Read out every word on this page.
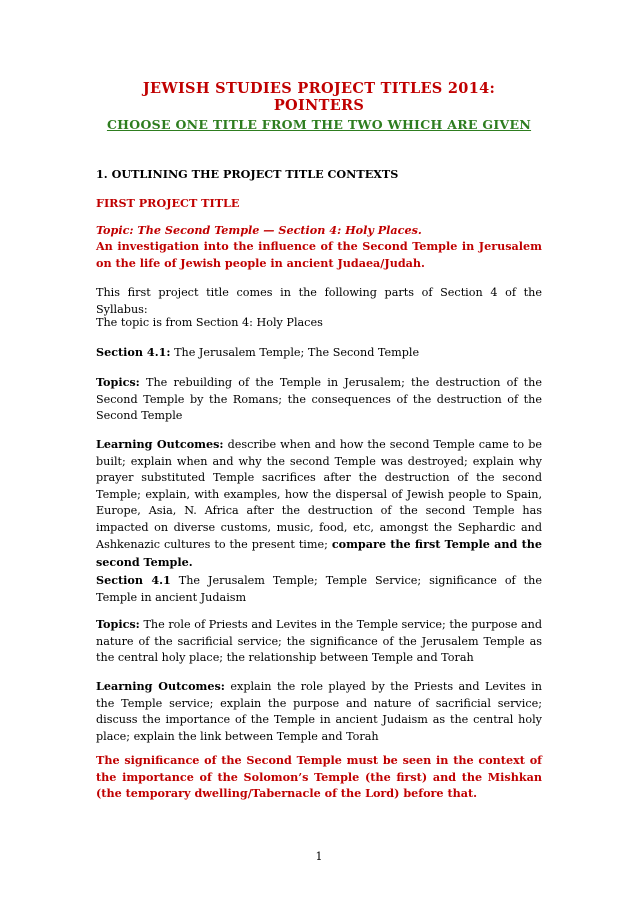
JEWISH STUDIES PROJECT TITLES 2014: POINTERS
CHOOSE ONE TITLE FROM THE TWO WHICH ARE GIVEN
1. OUTLINING THE PROJECT TITLE CONTEXTS
FIRST PROJECT TITLE
Topic: The Second Temple — Section 4: Holy Places.
An investigation into the influence of the Second Temple in Jerusalem on the life of Jewish people in ancient Judaea/Judah.
This first project title comes in the following parts of Section 4 of the Syllabus:
The topic is from Section 4: Holy Places
Section 4.1: The Jerusalem Temple; The Second Temple
Topics: The rebuilding of the Temple in Jerusalem; the destruction of the Second Temple by the Romans; the consequences of the destruction of the Second Temple
Learning Outcomes: describe when and how the second Temple came to be built; explain when and why the second Temple was destroyed; explain why prayer substituted Temple sacrifices after the destruction of the second Temple; explain, with examples, how the dispersal of Jewish people to Spain, Europe, Asia, N. Africa after the destruction of the second Temple has impacted on diverse customs, music, food, etc, amongst the Sephardic and Ashkenazic cultures to the present time; compare the first Temple and the second Temple.
Section 4.1 The Jerusalem Temple; Temple Service; significance of the Temple in ancient Judaism
Topics: The role of Priests and Levites in the Temple service; the purpose and nature of the sacrificial service; the significance of the Jerusalem Temple as the central holy place; the relationship between Temple and Torah
Learning Outcomes: explain the role played by the Priests and Levites in the Temple service; explain the purpose and nature of sacrificial service; discuss the importance of the Temple in ancient Judaism as the central holy place; explain the link between Temple and Torah
The significance of the Second Temple must be seen in the context of the importance of the Solomon’s Temple (the first) and the Mishkan (the temporary dwelling/Tabernacle of the Lord) before that.
1
